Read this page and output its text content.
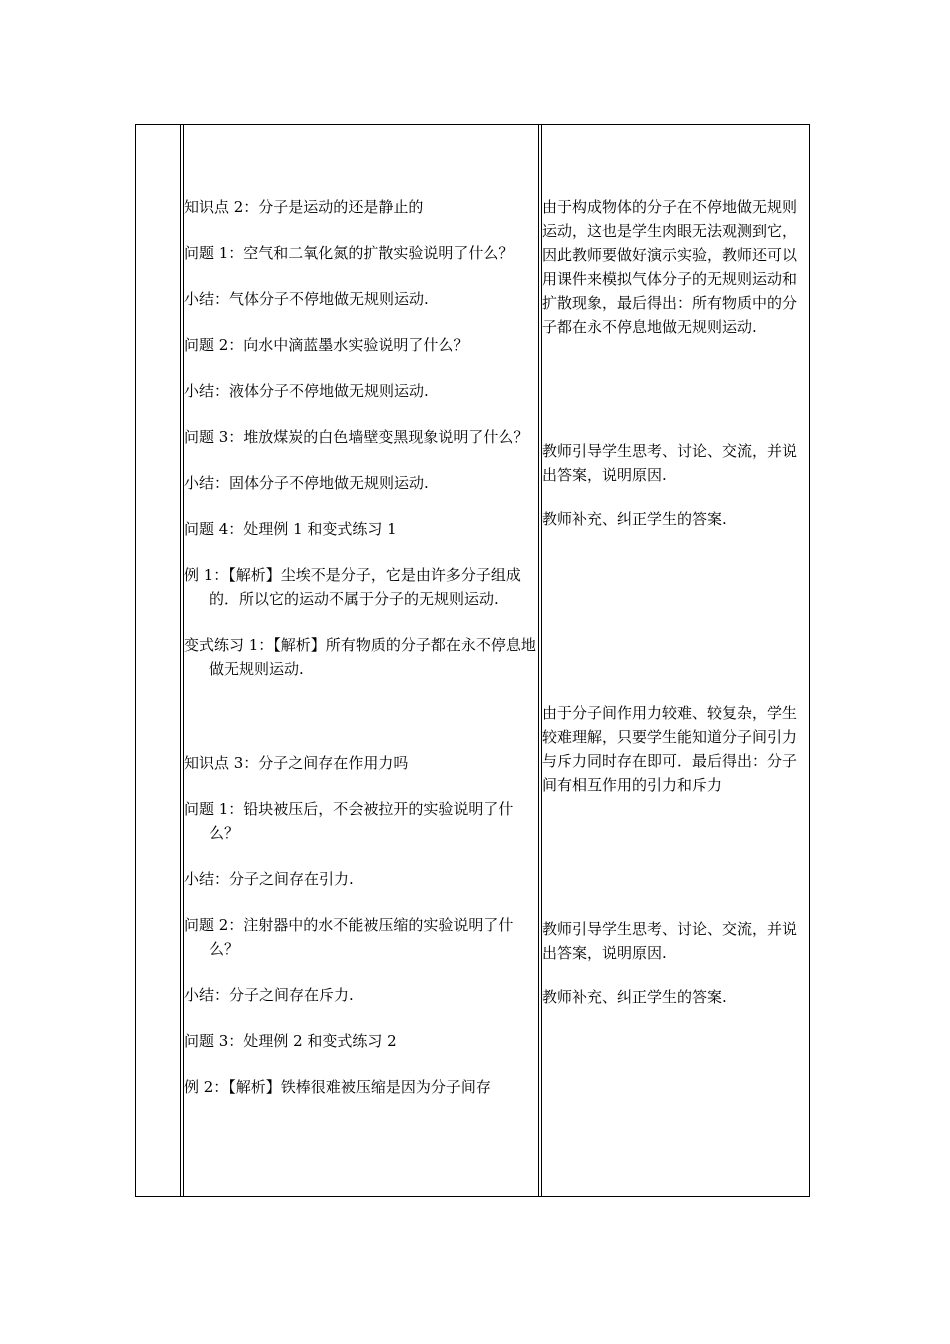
知识点 2：分子是运动的还是静止的

问题 1：空气和二氧化氮的扩散实验说明了什么？

小结：气体分子不停地做无规则运动.

问题 2：向水中滴蓝墨水实验说明了什么？

小结：液体分子不停地做无规则运动.

问题 3：堆放煤炭的白色墙壁变黑现象说明了什么？

小结：固体分子不停地做无规则运动.

问题 4：处理例 1 和变式练习 1

例 1：【解析】尘埃不是分子，它是由许多分子组成的．所以它的运动不属于分子的无规则运动.

变式练习 1：【解析】所有物质的分子都在永不停息地做无规则运动.

知识点 3：分子之间存在作用力吗

问题 1：铅块被压后，不会被拉开的实验说明了什么？

小结：分子之间存在引力.

问题 2：注射器中的水不能被压缩的实验说明了什么？

小结：分子之间存在斥力.

问题 3：处理例 2 和变式练习 2

例 2：【解析】铁棒很难被压缩是因为分子间存

由于构成物体的分子在不停地做无规则运动，这也是学生肉眼无法观测到它，因此教师要做好演示实验，教师还可以用课件来模拟气体分子的无规则运动和扩散现象，最后得出：所有物质中的分子都在永不停息地做无规则运动.

教师引导学生思考、讨论、交流，并说出答案，说明原因.

教师补充、纠正学生的答案.

由于分子间作用力较难、较复杂，学生较难理解，只要学生能知道分子间引力与斥力同时存在即可．最后得出：分子间有相互作用的引力和斥力

教师引导学生思考、讨论、交流，并说出答案，说明原因.

教师补充、纠正学生的答案.
